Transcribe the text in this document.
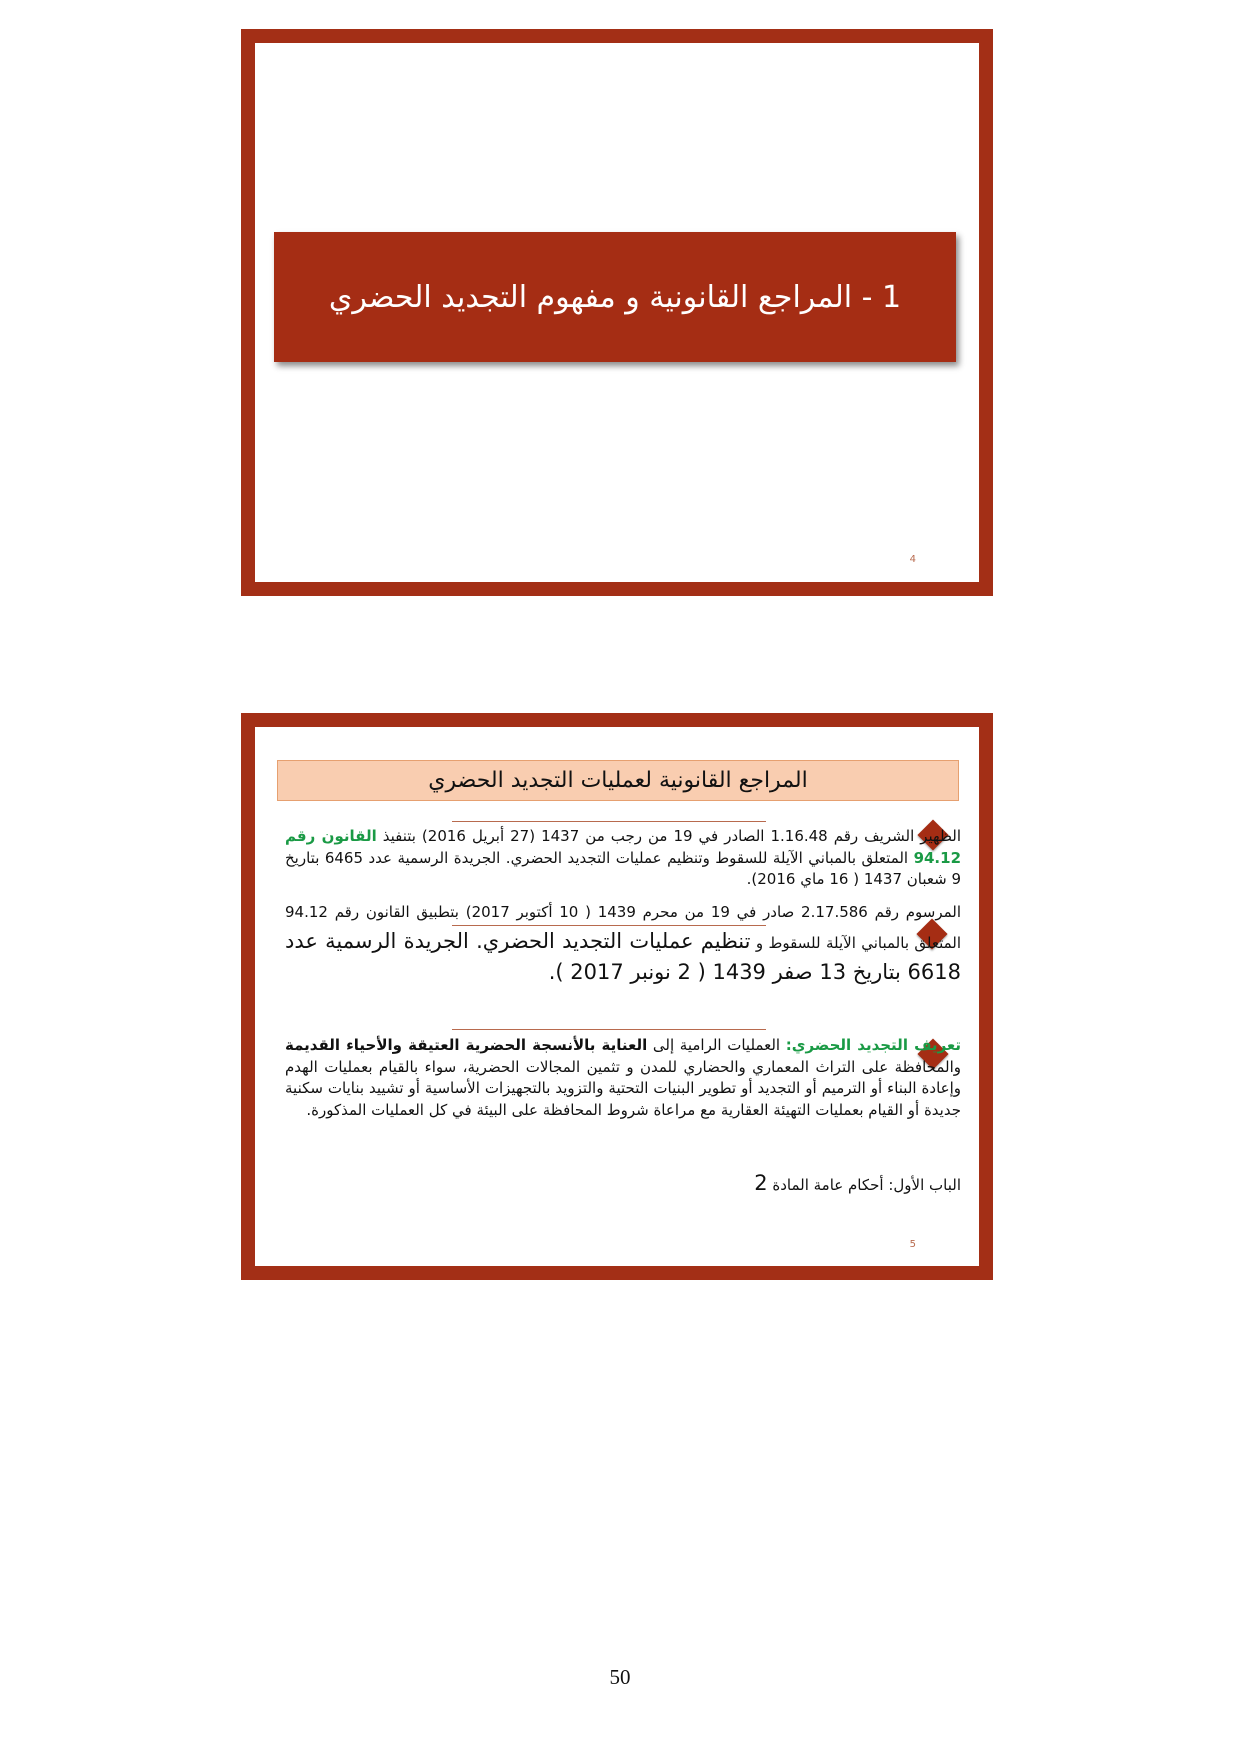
1 - المراجع القانونية و مفهوم التجديد الحضري
4
المراجع القانونية لعمليات التجديد الحضري
الظهير الشريف رقم 1.16.48 الصادر في 19 من رجب من 1437 (27 أبريل 2016) بتنفيذ القانون رقم 94.12 المتعلق بالمباني الآيلة للسقوط وتنظيم عمليات التجديد الحضري. الجريدة الرسمية عدد 6465 بتاريخ 9 شعبان 1437 ( 16 ماي 2016).
المرسوم رقم 2.17.586 صادر في 19 من محرم 1439 ( 10 أكتوبر 2017) بتطبيق القانون رقم 94.12 المتعلق بالمباني الآيلة للسقوط و تنظيم عمليات التجديد الحضري. الجريدة الرسمية عدد 6618 بتاريخ 13 صفر 1439 ( 2 نونبر 2017 ).
تعريف التجديد الحضري: العمليات الرامية إلى العناية بالأنسجة الحضرية العتيقة والأحياء القديمة والمحافظة على التراث المعماري والحضاري للمدن و تثمين المجالات الحضرية، سواء بالقيام بعمليات الهدم وإعادة البناء أو الترميم أو التجديد أو تطوير البنيات التحتية والتزويد بالتجهيزات الأساسية أو تشييد بنايات سكنية جديدة أو القيام بعمليات التهيئة العقارية مع مراعاة شروط المحافظة على البيئة في كل العمليات المذكورة.
الباب الأول: أحكام عامة المادة 2
5
50
